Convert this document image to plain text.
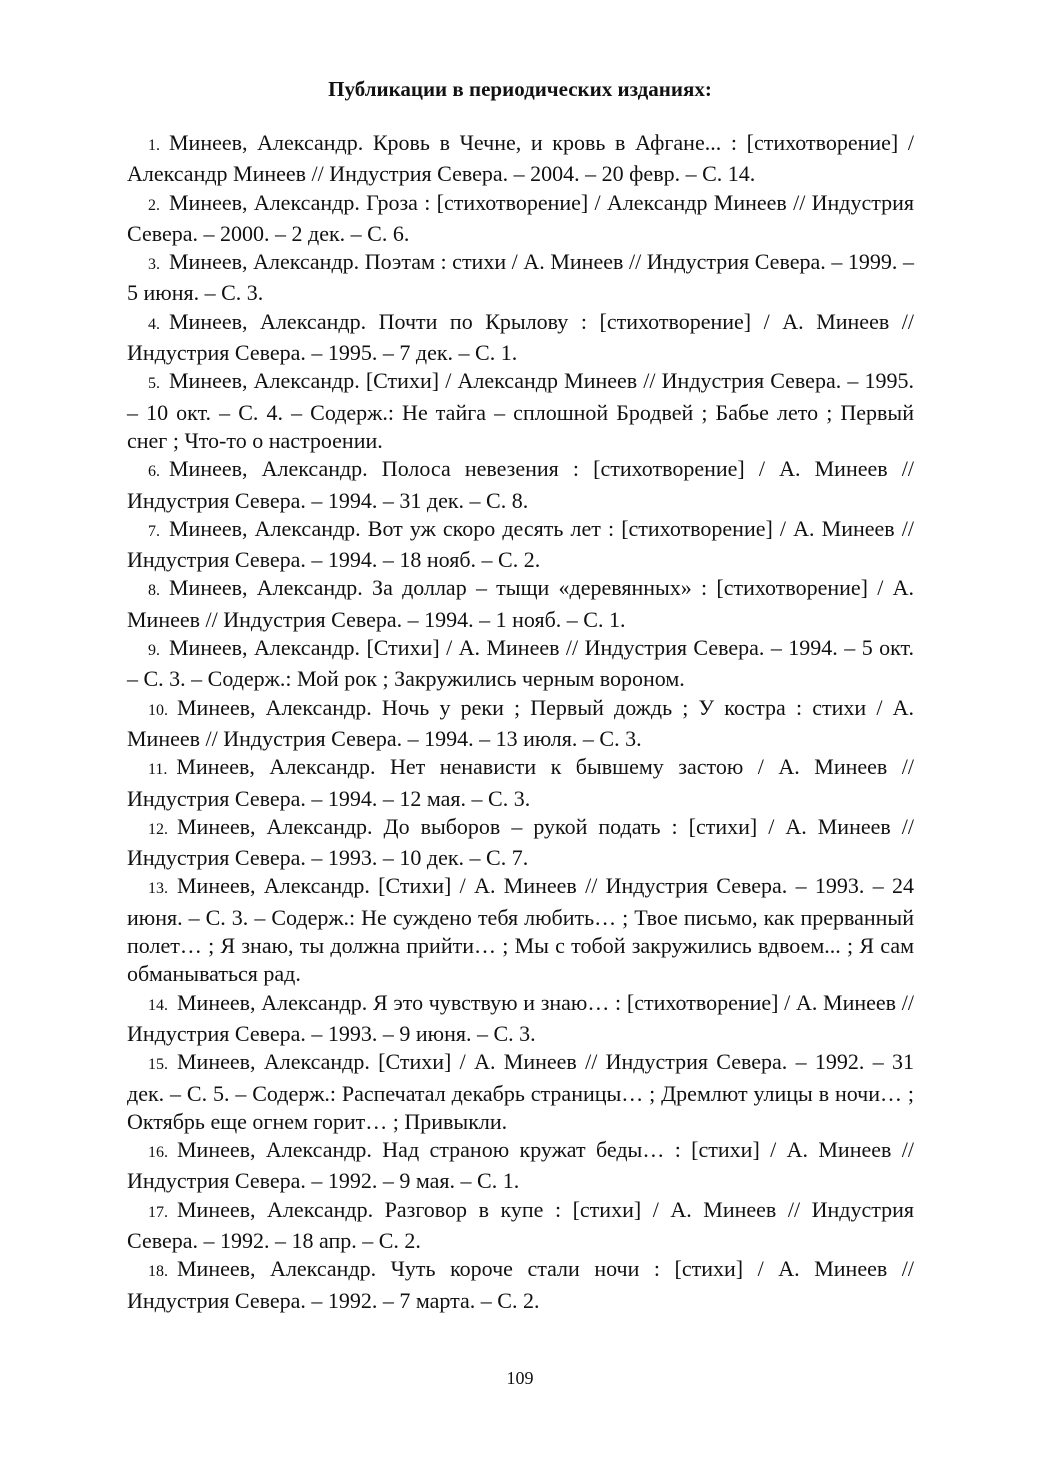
Публикации в периодических изданиях:

1. Минеев, Александр. Кровь в Чечне, и кровь в Афгане... : [стихотворение] / Александр Минеев // Индустрия Севера. – 2004. – 20 февр. – С. 14.

2. Минеев, Александр. Гроза : [стихотворение] / Александр Минеев // Индустрия Севера. – 2000. – 2 дек. – С. 6.

3. Минеев, Александр. Поэтам : стихи / А. Минеев // Индустрия Севера. – 1999. – 5 июня. – С. 3.

4. Минеев, Александр. Почти по Крылову : [стихотворение] / А. Минеев // Индустрия Севера. – 1995. – 7 дек. – С. 1.

5. Минеев, Александр. [Стихи] / Александр Минеев // Индустрия Севера. – 1995. – 10 окт. – С. 4. – Содерж.: Не тайга – сплошной Бродвей ; Бабье лето ; Первый снег ; Что-то о настроении.

6. Минеев, Александр. Полоса невезения : [стихотворение] / А. Минеев // Индустрия Севера. – 1994. – 31 дек. – С. 8.

7. Минеев, Александр. Вот уж скоро десять лет : [стихотворение] / А. Минеев // Индустрия Севера. – 1994. – 18 нояб. – С. 2.

8. Минеев, Александр. За доллар – тыщи «деревянных» : [стихотворение] / А. Минеев // Индустрия Севера. – 1994. – 1 нояб. – С. 1.

9. Минеев, Александр. [Стихи] / А. Минеев // Индустрия Севера. – 1994. – 5 окт. – С. 3. – Содерж.: Мой рок ; Закружились черным вороном.

10. Минеев, Александр. Ночь у реки ; Первый дождь ; У костра : стихи / А. Минеев // Индустрия Севера. – 1994. – 13 июля. – С. 3.

11. Минеев, Александр. Нет ненависти к бывшему застою / А. Минеев // Индустрия Севера. – 1994. – 12 мая. – С. 3.

12. Минеев, Александр. До выборов – рукой подать : [стихи] / А. Минеев // Индустрия Севера. – 1993. – 10 дек. – С. 7.

13. Минеев, Александр. [Стихи] / А. Минеев // Индустрия Севера. – 1993. – 24 июня. – С. 3. – Содерж.: Не суждено тебя любить… ; Твое письмо, как прерванный полет… ; Я знаю, ты должна прийти… ; Мы с тобой закружились вдвоем... ; Я сам обманываться рад.

14. Минеев, Александр. Я это чувствую и знаю… : [стихотворение] / А. Минеев // Индустрия Севера. – 1993. – 9 июня. – С. 3.

15. Минеев, Александр. [Стихи] / А. Минеев // Индустрия Севера. – 1992. – 31 дек. – С. 5. – Содерж.: Распечатал декабрь страницы… ; Дремлют улицы в ночи… ; Октябрь еще огнем горит… ; Привыкли.

16. Минеев, Александр. Над страною кружат беды… : [стихи] / А. Минеев // Индустрия Севера. – 1992. – 9 мая. – С. 1.

17. Минеев, Александр. Разговор в купе : [стихи] / А. Минеев // Индустрия Севера. – 1992. – 18 апр. – С. 2.

18. Минеев, Александр. Чуть короче стали ночи : [стихи] / А. Минеев // Индустрия Севера. – 1992. – 7 марта. – С. 2.

109
